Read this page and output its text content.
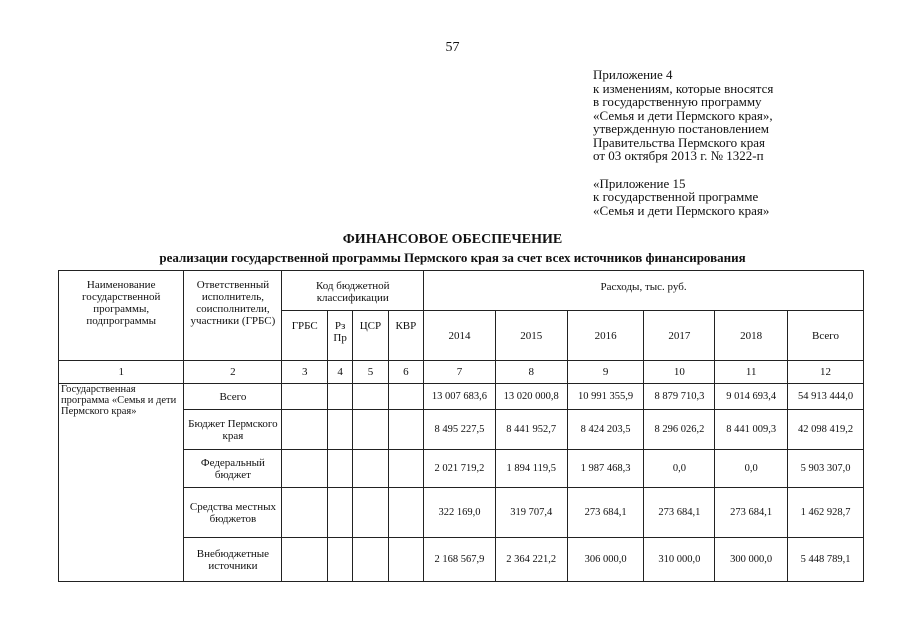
57
Приложение 4
к изменениям, которые вносятся
в государственную программу
«Семья и дети Пермского края»,
утвержденную постановлением
Правительства Пермского края
от 03 октября 2013 г. № 1322-п
«Приложение 15
к государственной программе
«Семья и дети Пермского края»
ФИНАНСОВОЕ ОБЕСПЕЧЕНИЕ
реализации государственной программы Пермского края за счет всех источников финансирования
Наименование государственной программы, подпрограммы	Ответственный исполнитель, соисполнители, участники (ГРБС)	Код бюджетной классификации				Расходы, тыс. руб.					
		ГРБС	Рз Пр	ЦСР	КВР	2014	2015	2016	2017	2018	Всего
1	2	3	4	5	6	7	8	9	10	11	12
Государственная программа «Семья и дети Пермского края»	Всего					13 007 683,6	13 020 000,8	10 991 355,9	8 879 710,3	9 014 693,4	54 913 444,0
	Бюджет Пермского края					8 495 227,5	8 441 952,7	8 424 203,5	8 296 026,2	8 441 009,3	42 098 419,2
	Федеральный бюджет					2 021 719,2	1 894 119,5	1 987 468,3	0,0	0,0	5 903 307,0
	Средства местных бюджетов					322 169,0	319 707,4	273 684,1	273 684,1	273 684,1	1 462 928,7
	Внебюджетные источники					2 168 567,9	2 364 221,2	306 000,0	310 000,0	300 000,0	5 448 789,1
